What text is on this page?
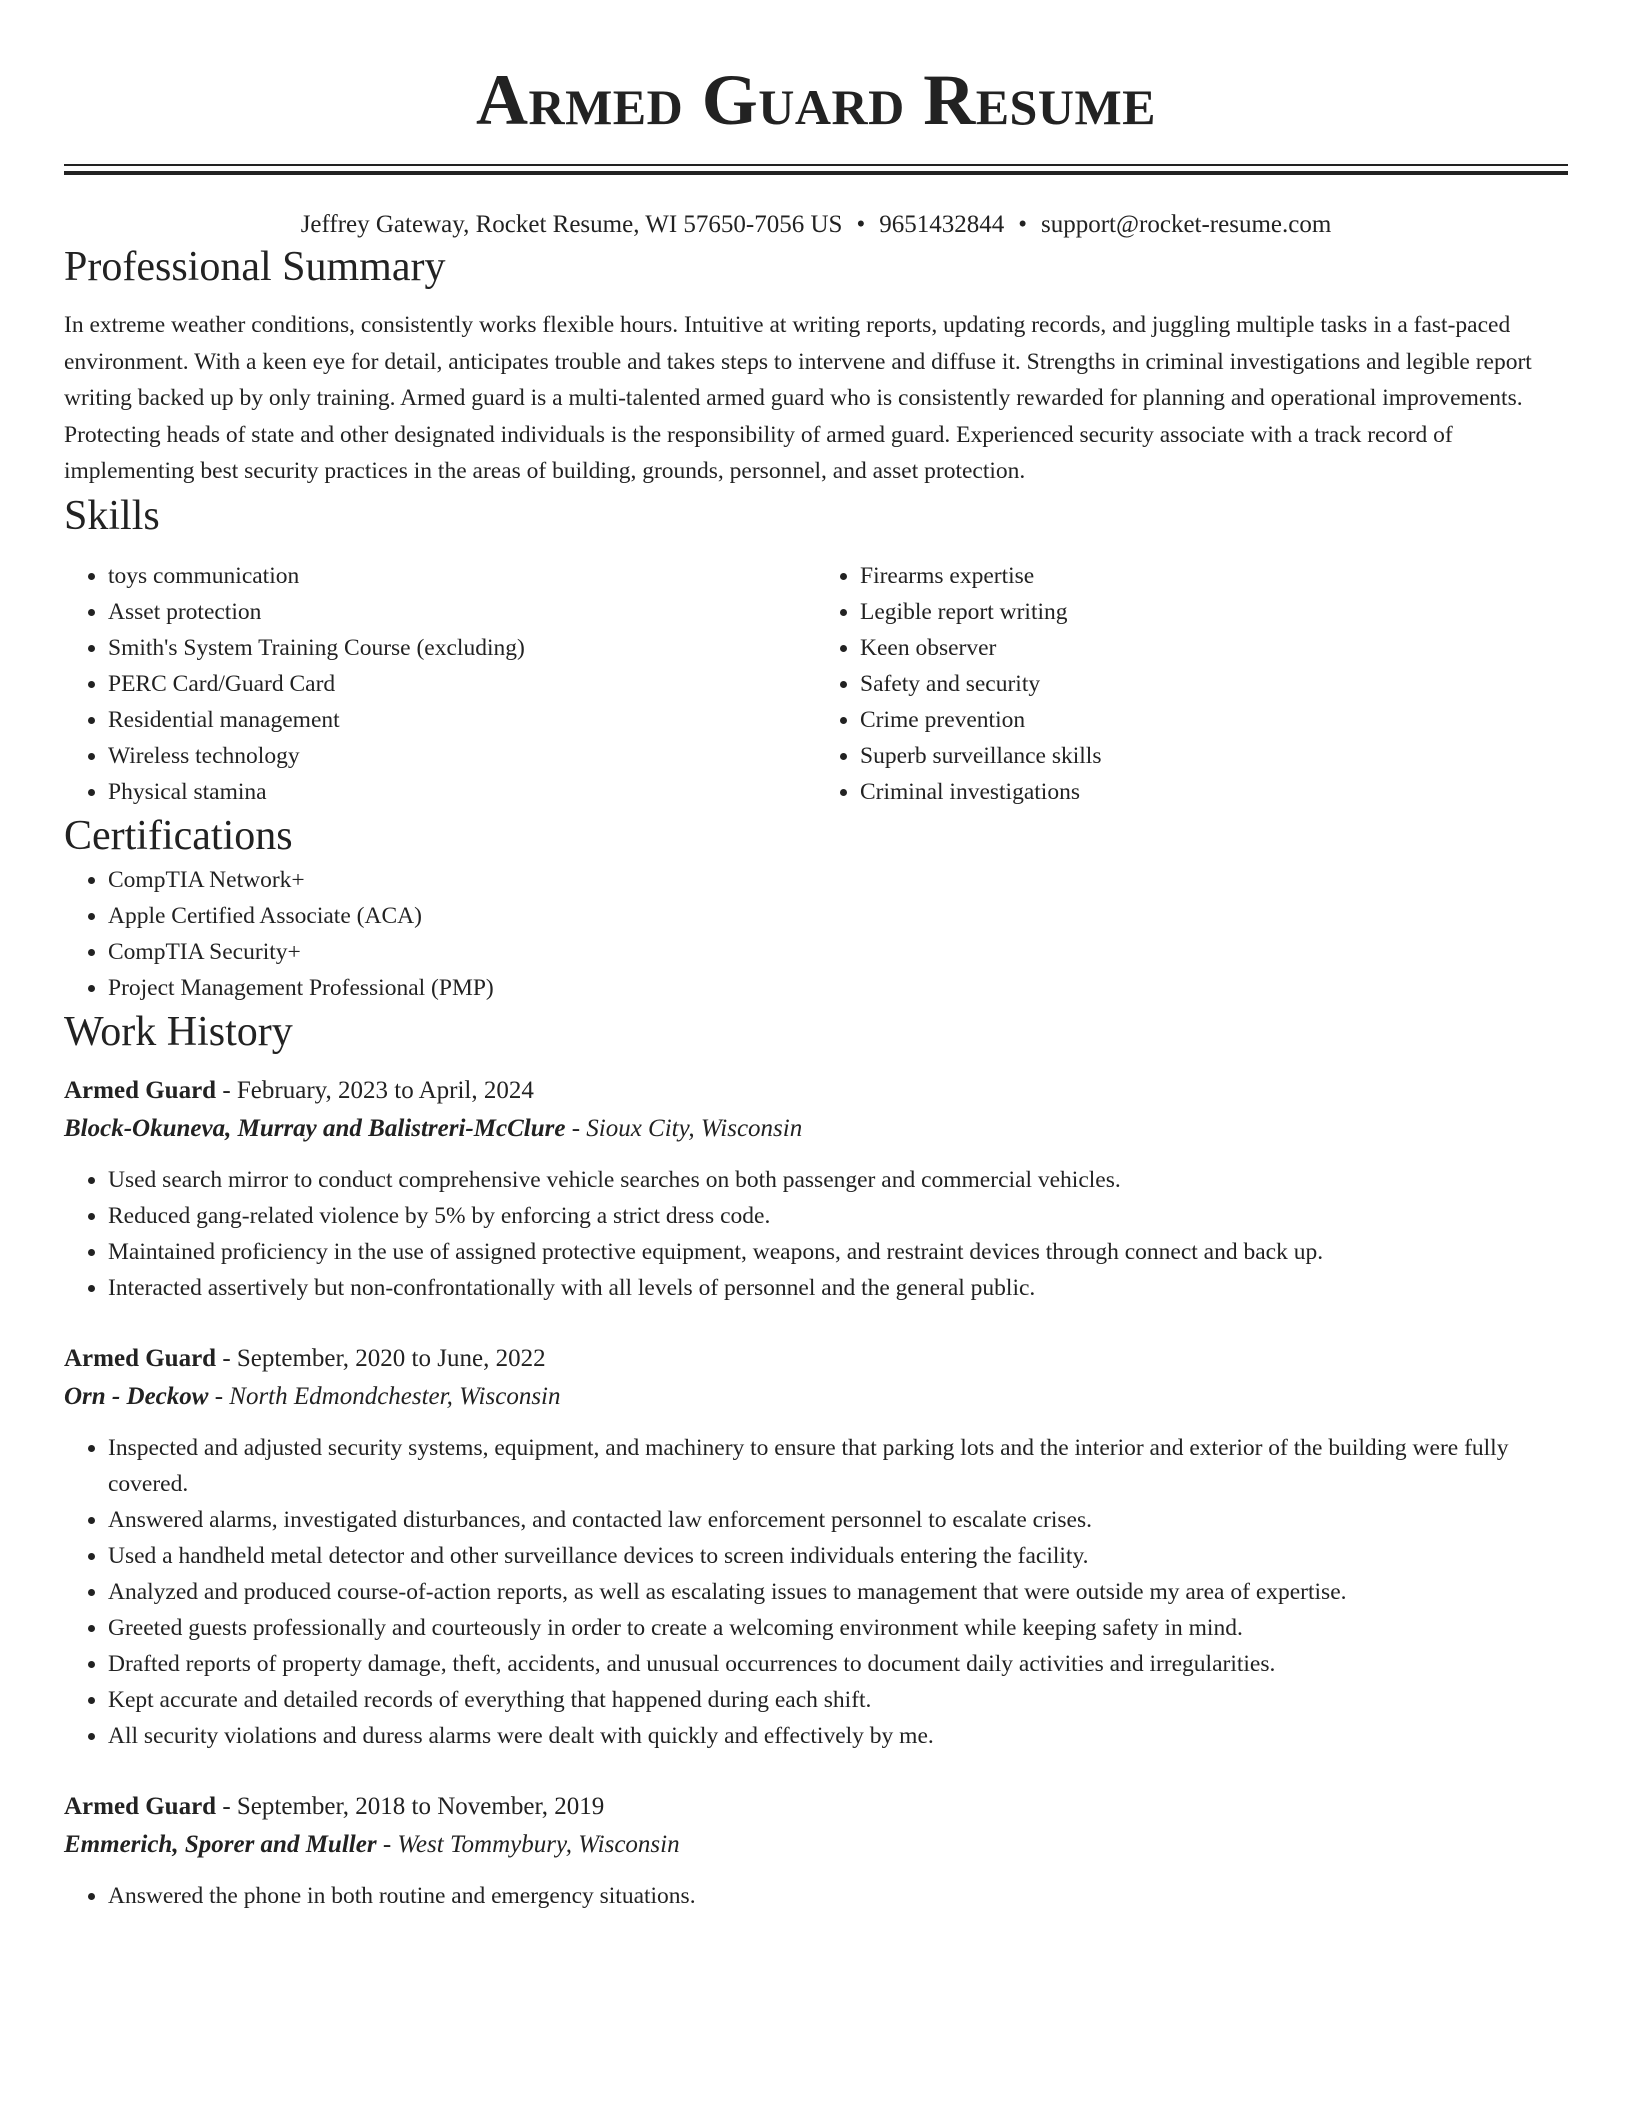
Armed Guard Resume
Jeffrey Gateway, Rocket Resume, WI 57650-7056 US • 9651432844 • support@rocket-resume.com
Professional Summary

In extreme weather conditions, consistently works flexible hours. Intuitive at writing reports, updating records, and juggling multiple tasks in a fast-paced environment. With a keen eye for detail, anticipates trouble and takes steps to intervene and diffuse it. Strengths in criminal investigations and legible report writing backed up by only training. Armed guard is a multi-talented armed guard who is consistently rewarded for planning and operational improvements. Protecting heads of state and other designated individuals is the responsibility of armed guard. Experienced security associate with a track record of implementing best security practices in the areas of building, grounds, personnel, and asset protection.

Skills
• toys communication
• Asset protection
• Smith's System Training Course (excluding)
• PERC Card/Guard Card
• Residential management
• Wireless technology
• Physical stamina
• Firearms expertise
• Legible report writing
• Keen observer
• Safety and security
• Crime prevention
• Superb surveillance skills
• Criminal investigations
Certifications
• CompTIA Network+
• Apple Certified Associate (ACA)
• CompTIA Security+
• Project Management Professional (PMP)
Work History
Armed Guard - February, 2023 to April, 2024
Block-Okuneva, Murray and Balistreri-McClure - Sioux City, Wisconsin
• Used search mirror to conduct comprehensive vehicle searches on both passenger and commercial vehicles.
• Reduced gang-related violence by 5% by enforcing a strict dress code.
• Maintained proficiency in the use of assigned protective equipment, weapons, and restraint devices through connect and back up.
• Interacted assertively but non-confrontationally with all levels of personnel and the general public.
Armed Guard - September, 2020 to June, 2022
Orn - Deckow - North Edmondchester, Wisconsin
• Inspected and adjusted security systems, equipment, and machinery to ensure that parking lots and the interior and exterior of the building were fully covered.
• Answered alarms, investigated disturbances, and contacted law enforcement personnel to escalate crises.
• Used a handheld metal detector and other surveillance devices to screen individuals entering the facility.
• Analyzed and produced course-of-action reports, as well as escalating issues to management that were outside my area of expertise.
• Greeted guests professionally and courteously in order to create a welcoming environment while keeping safety in mind.
• Drafted reports of property damage, theft, accidents, and unusual occurrences to document daily activities and irregularities.
• Kept accurate and detailed records of everything that happened during each shift.
• All security violations and duress alarms were dealt with quickly and effectively by me.
Armed Guard - September, 2018 to November, 2019
Emmerich, Sporer and Muller - West Tommybury, Wisconsin
• Answered the phone in both routine and emergency situations.
